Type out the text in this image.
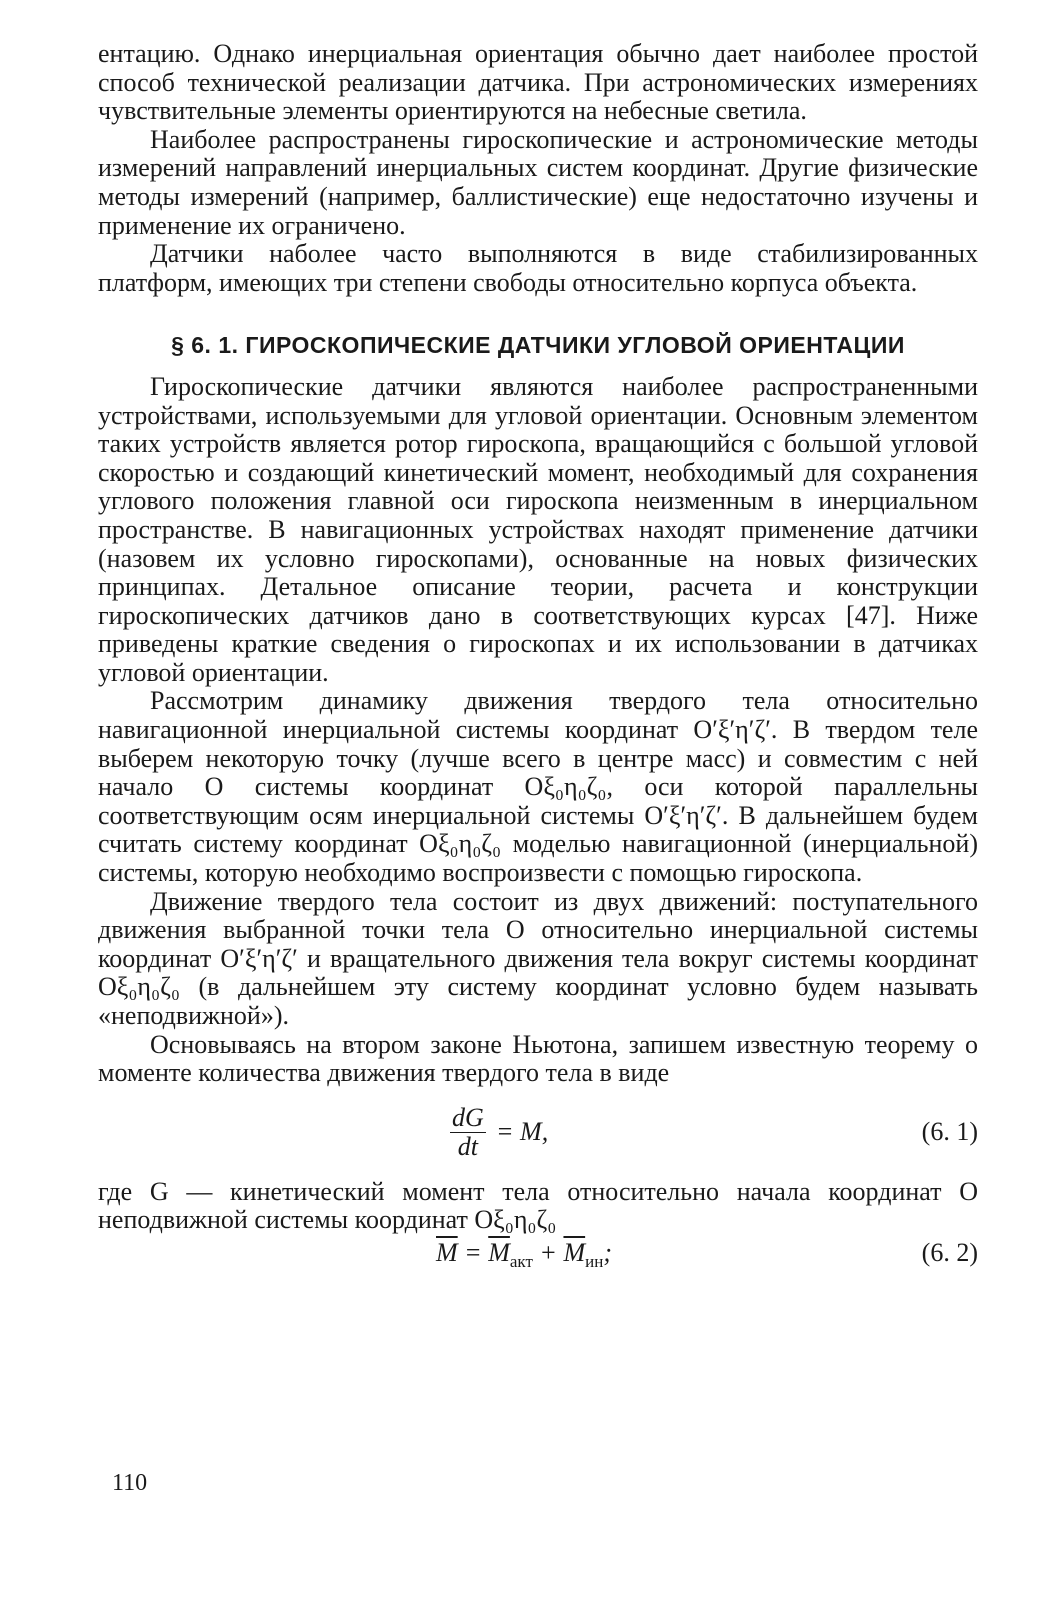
ентацию. Однако инерциальная ориентация обычно дает наиболее простой способ технической реализации датчика. При астрономических измерениях чувствительные элементы ориентируются на небесные светила.

Наиболее распространены гироскопические и астрономические методы измерений направлений инерциальных систем координат. Другие физические методы измерений (например, баллистические) еще недостаточно изучены и применение их ограничено.

Датчики наболее часто выполняются в виде стабилизированных платформ, имеющих три степени свободы относительно корпуса объекта.

§ 6. 1. ГИРОСКОПИЧЕСКИЕ ДАТЧИКИ УГЛОВОЙ ОРИЕНТАЦИИ

Гироскопические датчики являются наиболее распространенными устройствами, используемыми для угловой ориентации. Основным элементом таких устройств является ротор гироскопа, вращающийся с большой угловой скоростью и создающий кинетический момент, необходимый для сохранения углового положения главной оси гироскопа неизменным в инерциальном пространстве. В навигационных устройствах находят применение датчики (назовем их условно гироскопами), основанные на новых физических принципах. Детальное описание теории, расчета и конструкции гироскопических датчиков дано в соответствующих курсах [47]. Ниже приведены краткие сведения о гироскопах и их использовании в датчиках угловой ориентации.

Рассмотрим динамику движения твердого тела относительно навигационной инерциальной системы координат O′ξ′η′ζ′. В твердом теле выберем некоторую точку (лучше всего в центре масс) и совместим с ней начало O системы координат Oξ₀η₀ζ₀, оси которой параллельны соответствующим осям инерциальной системы O′ξ′η′ζ′. В дальнейшем будем считать систему координат Oξ₀η₀ζ₀ моделью навигационной (инерциальной) системы, которую необходимо воспроизвести с помощью гироскопа.

Движение твердого тела состоит из двух движений: поступательного движения выбранной точки тела O относительно инерциальной системы координат O′ξ′η′ζ′ и вращательного движения тела вокруг системы координат Oξ₀η₀ζ₀ (в дальнейшем эту систему координат условно будем называть «неподвижной»).

Основываясь на втором законе Ньютона, запишем известную теорему о моменте количества движения твердого тела в виде

$\frac{dG}{dt} = M$,	(6. 1)

где G — кинетический момент тела относительно начала координат O неподвижной системы координат Oξ₀η₀ζ₀

$\overline{M} = \overline{M}_{акт} + \overline{M}_{ин}$;	(6. 2)
110
